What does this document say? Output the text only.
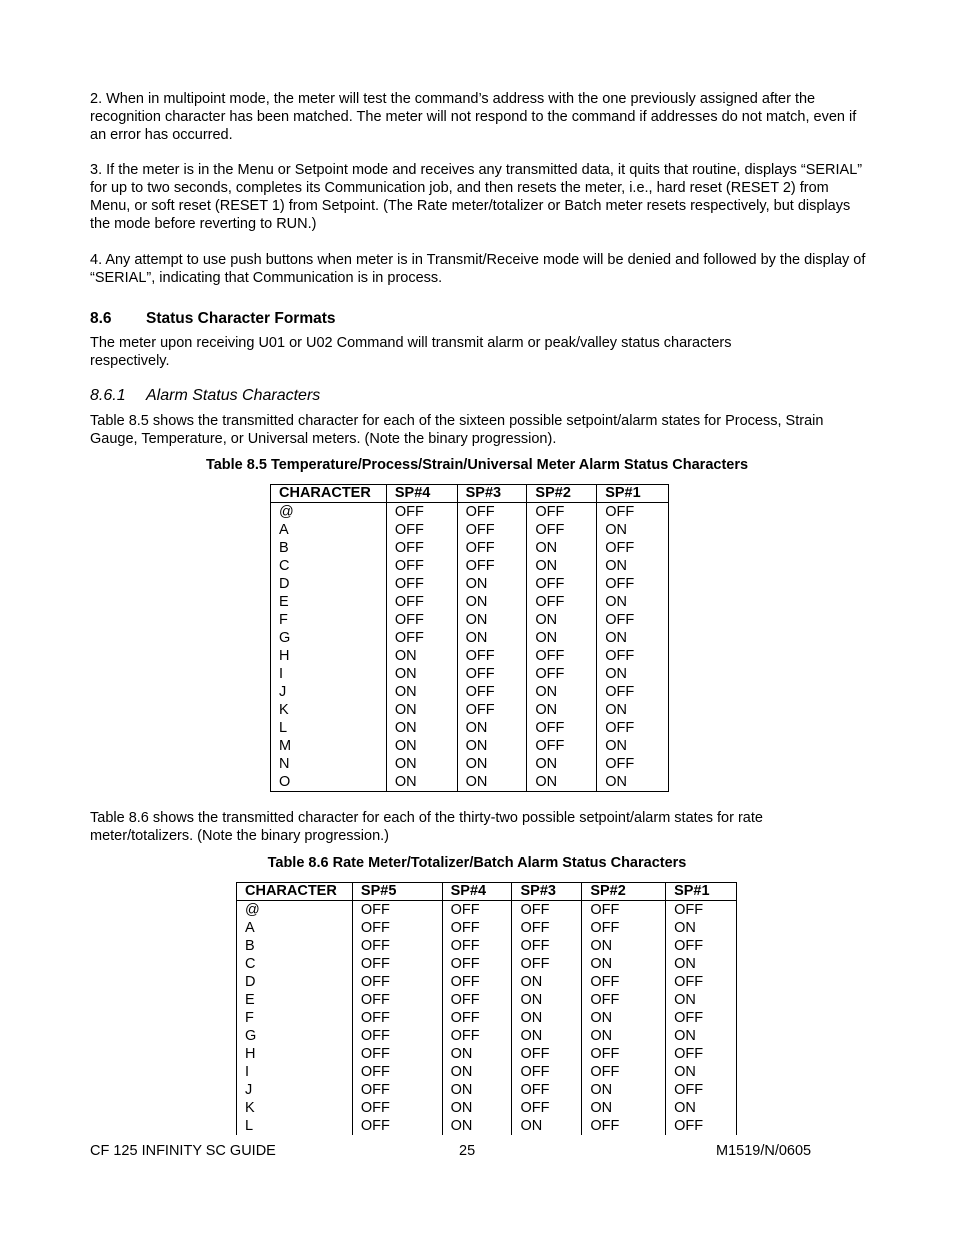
2. When in multipoint mode, the meter will test the command’s address with the one previously assigned after the recognition character has been matched. The meter will not respond to the command if addresses do not match, even if an error has occurred.
3. If the meter is in the Menu or Setpoint mode and receives any transmitted data, it quits that routine, displays “SERIAL” for up to two seconds, completes its Communication job, and then resets the meter, i.e., hard reset (RESET 2) from Menu, or soft reset (RESET 1) from Setpoint. (The Rate meter/totalizer or Batch meter resets respectively, but displays the mode before reverting to RUN.)
4. Any attempt to use push buttons when meter is in Transmit/Receive mode will be denied and followed by the display of “SERIAL”, indicating that Communication is in process.
8.6 Status Character Formats
The meter upon receiving U01 or U02 Command will transmit alarm or peak/valley status characters respectively.
8.6.1 Alarm Status Characters
Table 8.5 shows the transmitted character for each of the sixteen possible setpoint/alarm states for Process, Strain Gauge, Temperature, or Universal meters. (Note the binary progression).
Table 8.5 Temperature/Process/Strain/Universal Meter Alarm Status Characters
CHARACTER	SP#4	SP#3	SP#2	SP#1
@	OFF	OFF	OFF	OFF
A	OFF	OFF	OFF	ON
B	OFF	OFF	ON	OFF
C	OFF	OFF	ON	ON
D	OFF	ON	OFF	OFF
E	OFF	ON	OFF	ON
F	OFF	ON	ON	OFF
G	OFF	ON	ON	ON
H	ON	OFF	OFF	OFF
I	ON	OFF	OFF	ON
J	ON	OFF	ON	OFF
K	ON	OFF	ON	ON
L	ON	ON	OFF	OFF
M	ON	ON	OFF	ON
N	ON	ON	ON	OFF
O	ON	ON	ON	ON
Table 8.6 shows the transmitted character for each of the thirty-two possible setpoint/alarm states for rate meter/totalizers. (Note the binary progression.)
Table 8.6 Rate Meter/Totalizer/Batch Alarm Status Characters
CHARACTER	SP#5	SP#4	SP#3	SP#2	SP#1
@	OFF	OFF	OFF	OFF	OFF
A	OFF	OFF	OFF	OFF	ON
B	OFF	OFF	OFF	ON	OFF
C	OFF	OFF	OFF	ON	ON
D	OFF	OFF	ON	OFF	OFF
E	OFF	OFF	ON	OFF	ON
F	OFF	OFF	ON	ON	OFF
G	OFF	OFF	ON	ON	ON
H	OFF	ON	OFF	OFF	OFF
I	OFF	ON	OFF	OFF	ON
J	OFF	ON	OFF	ON	OFF
K	OFF	ON	OFF	ON	ON
L	OFF	ON	ON	OFF	OFF
CF 125 INFINITY SC GUIDE	25	M1519/N/0605
